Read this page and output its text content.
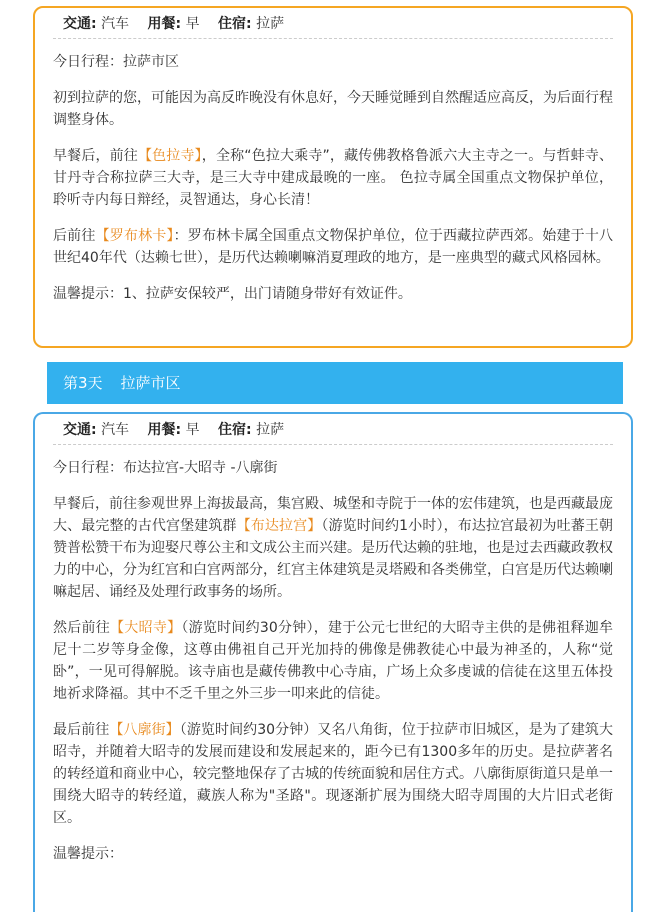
交通: 汽车 用餐: 早 住宿: 拉萨

今日行程：拉萨市区

初到拉萨的您，可能因为高反昨晚没有休息好，今天睡觉睡到自然醒适应高反，为后面行程调整身体。

早餐后，前往【色拉寺】，全称“色拉大乘寺”，藏传佛教格鲁派六大主寺之一。与哲蚌寺、甘丹寺合称拉萨三大寺，是三大寺中建成最晚的一座。 色拉寺属全国重点文物保护单位，聆听寺内每日辩经，灵智通达，身心长清！

后前往【罗布林卡】：罗布林卡属全国重点文物保护单位，位于西藏拉萨西郊。始建于十八世纪40年代（达赖七世），是历代达赖喇嘛消夏理政的地方，是一座典型的藏式风格园林。

温馨提示：1、拉萨安保较严，出门请随身带好有效证件。

第3天 拉萨市区
交通: 汽车 用餐: 早 住宿: 拉萨

今日行程：布达拉宫-大昭寺 -八廓街

早餐后，前往参观世界上海拔最高，集宫殿、城堡和寺院于一体的宏伟建筑，也是西藏最庞大、最完整的古代宫堡建筑群【布达拉宫】（游览时间约1小时），布达拉宫最初为吐蕃王朝赞普松赞干布为迎娶尺尊公主和文成公主而兴建。是历代达赖的驻地，也是过去西藏政教权力的中心，分为红宫和白宫两部分，红宫主体建筑是灵塔殿和各类佛堂，白宫是历代达赖喇嘛起居、诵经及处理行政事务的场所。

然后前往【大昭寺】（游览时间约30分钟），建于公元七世纪的大昭寺主供的是佛祖释迦牟尼十二岁等身金像，这尊由佛祖自己开光加持的佛像是佛教徒心中最为神圣的，人称“觉卧”，一见可得解脱。该寺庙也是藏传佛教中心寺庙，广场上众多虔诚的信徒在这里五体投地祈求降福。其中不乏千里之外三步一叩来此的信徒。

最后前往【八廓街】（游览时间约30分钟）又名八角街，位于拉萨市旧城区，是为了建筑大昭寺，并随着大昭寺的发展而建设和发展起来的，距今已有1300多年的历史。是拉萨著名的转经道和商业中心，较完整地保存了古城的传统面貌和居住方式。八廓街原街道只是单一围绕大昭寺的转经道，藏族人称为"圣路"。现逐渐扩展为围绕大昭寺周围的大片旧式老街区。

温馨提示：
